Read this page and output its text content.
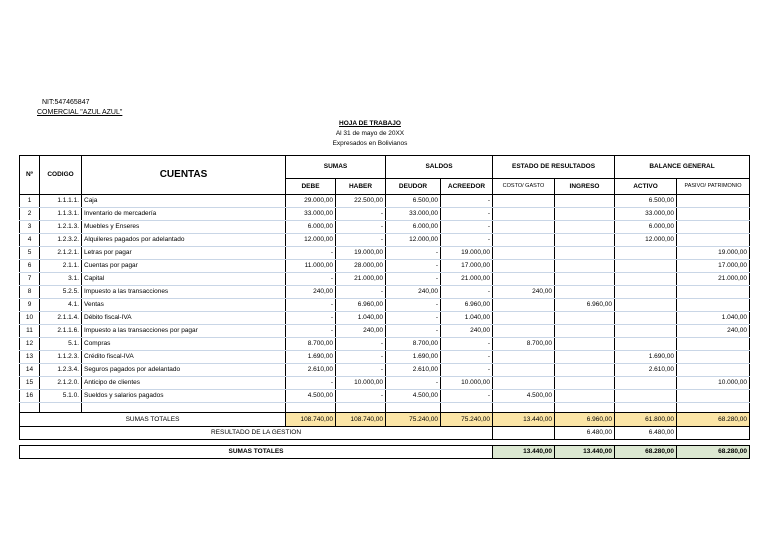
NIT:547465847
COMERCIAL "AZUL AZUL"
HOJA DE TRABAJO
Al 31 de mayo de 20XX
Expresados en Bolivianos
Nº	CODIGO	CUENTAS	SUMAS		SALDOS		ESTADO DE RESULTADOS		BALANCE GENERAL	
			DEBE	HABER	DEUDOR	ACREEDOR	COSTO/ GASTO	INGRESO	ACTIVO	PASIVO/ PATRIMONIO
1	1.1.1.1.	Caja	29.000,00	22.500,00	6.500,00	-			6.500,00	
2	1.1.3.1.	Inventario de mercadería	33.000,00	-	33.000,00	-			33.000,00	
3	1.2.1.3.	Muebles y Enseres	6.000,00	-	6.000,00	-			6.000,00	
4	1.2.3.2.	Alquileres pagados por adelantado	12.000,00	-	12.000,00	-			12.000,00	
5	2.1.2.1.	Letras por pagar	-	19.000,00	-	19.000,00				19.000,00
6	2.1.1.	Cuentas por pagar	11.000,00	28.000,00	-	17.000,00				17.000,00
7	3.1.	Capital	-	21.000,00	-	21.000,00				21.000,00
8	5.2.5.	Impuesto a las transacciones	240,00	-	240,00	-	240,00			
9	4.1.	Ventas	-	6.960,00	-	6.960,00		6.960,00		
10	2.1.1.4.	Débito fiscal-IVA	-	1.040,00	-	1.040,00				1.040,00
11	2.1.1.6.	Impuesto a las transacciones por pagar	-	240,00	-	240,00				240,00
12	5.1.	Compras	8.700,00	-	8.700,00	-	8.700,00			
13	1.1.2.3.	Crédito fiscal-IVA	1.690,00	-	1.690,00	-			1.690,00	
14	1.2.3.4.	Seguros pagados por adelantado	2.610,00	-	2.610,00	-			2.610,00	
15	2.1.2.0.	Anticipo de clientes	-	10.000,00	-	10.000,00				10.000,00
16	5.1.0.	Sueldos y salarios pagados	4.500,00	-	4.500,00	-	4.500,00			

SUMAS TOTALES			108.740,00	108.740,00	75.240,00	75.240,00	13.440,00	6.960,00	61.800,00	68.280,00
RESULTADO DE LA GESTION								6.480,00	6.480,00	

SUMAS TOTALES							13.440,00	13.440,00	68.280,00	68.280,00
